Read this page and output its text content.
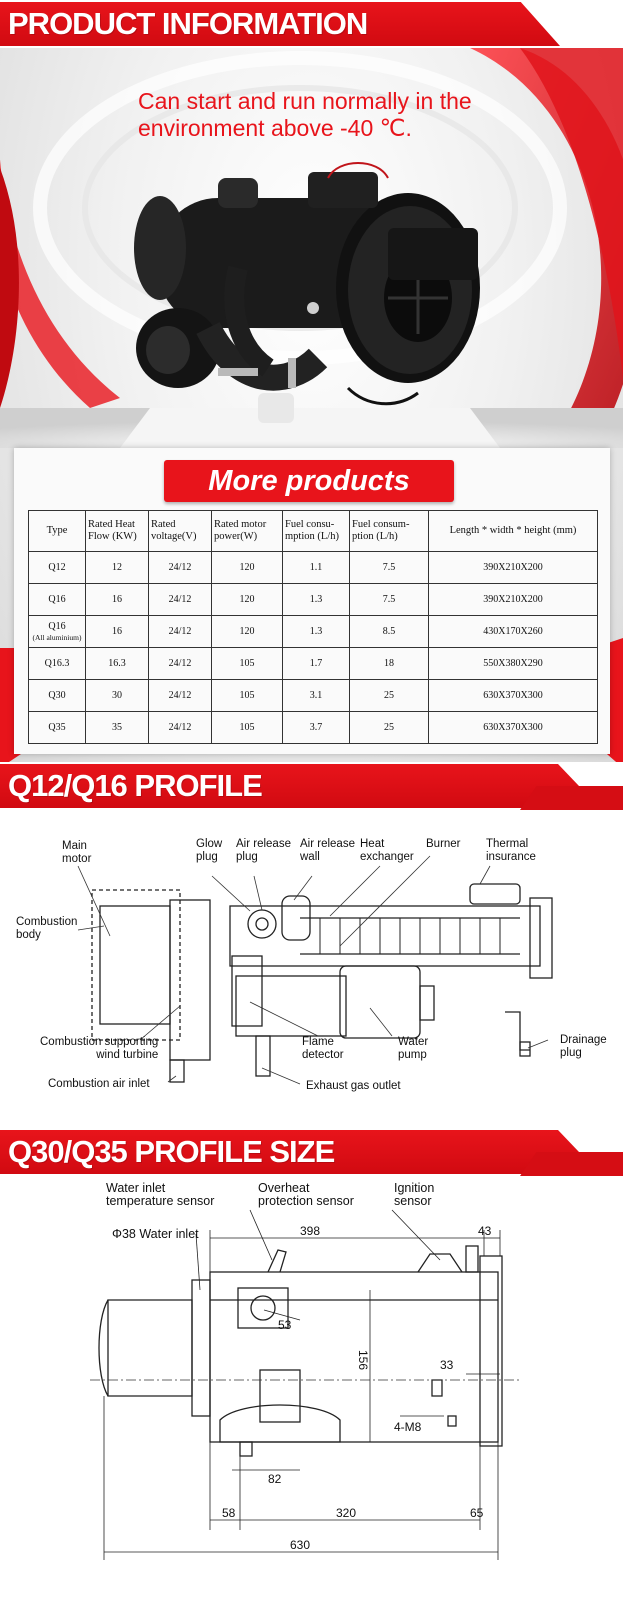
PRODUCT INFORMATION
Can start and run normally in the environment above -40 ℃.
More products
Type	Rated Heat Flow (KW)	Rated voltage(V)	Rated motor power(W)	Fuel consu-mption (L/h)	Fuel consum-ption (L/h)	Length * width * height (mm)
Q12	12	24/12	120	1.1	7.5	390X210X200
Q16	16	24/12	120	1.3	7.5	390X210X200
Q16
(All aluminium)	16	24/12	120	1.3	8.5	430X170X260
Q16.3	16.3	24/12	105	1.7	18	550X380X290
Q30	30	24/12	105	3.1	25	630X370X300
Q35	35	24/12	105	3.7	25	630X370X300
Q12/Q16 PROFILE
Main
motor
Glow
plug
Air release
plug
Air release
wall
Heat
exchanger
Burner Thermal
insurance
Combustion
body
Combustion supporting
wind turbine
Flame
detector
Water
pump
Drainage
plug
Combustion air inlet	Exhaust gas outlet
Q30/Q35 PROFILE SIZE
Water inlet
temperature sensor
Overheat
protection sensor
Ignition
sensor
Φ38 Water inlet	398	43
53
156	33
82
4-M8
58	320	65
630
